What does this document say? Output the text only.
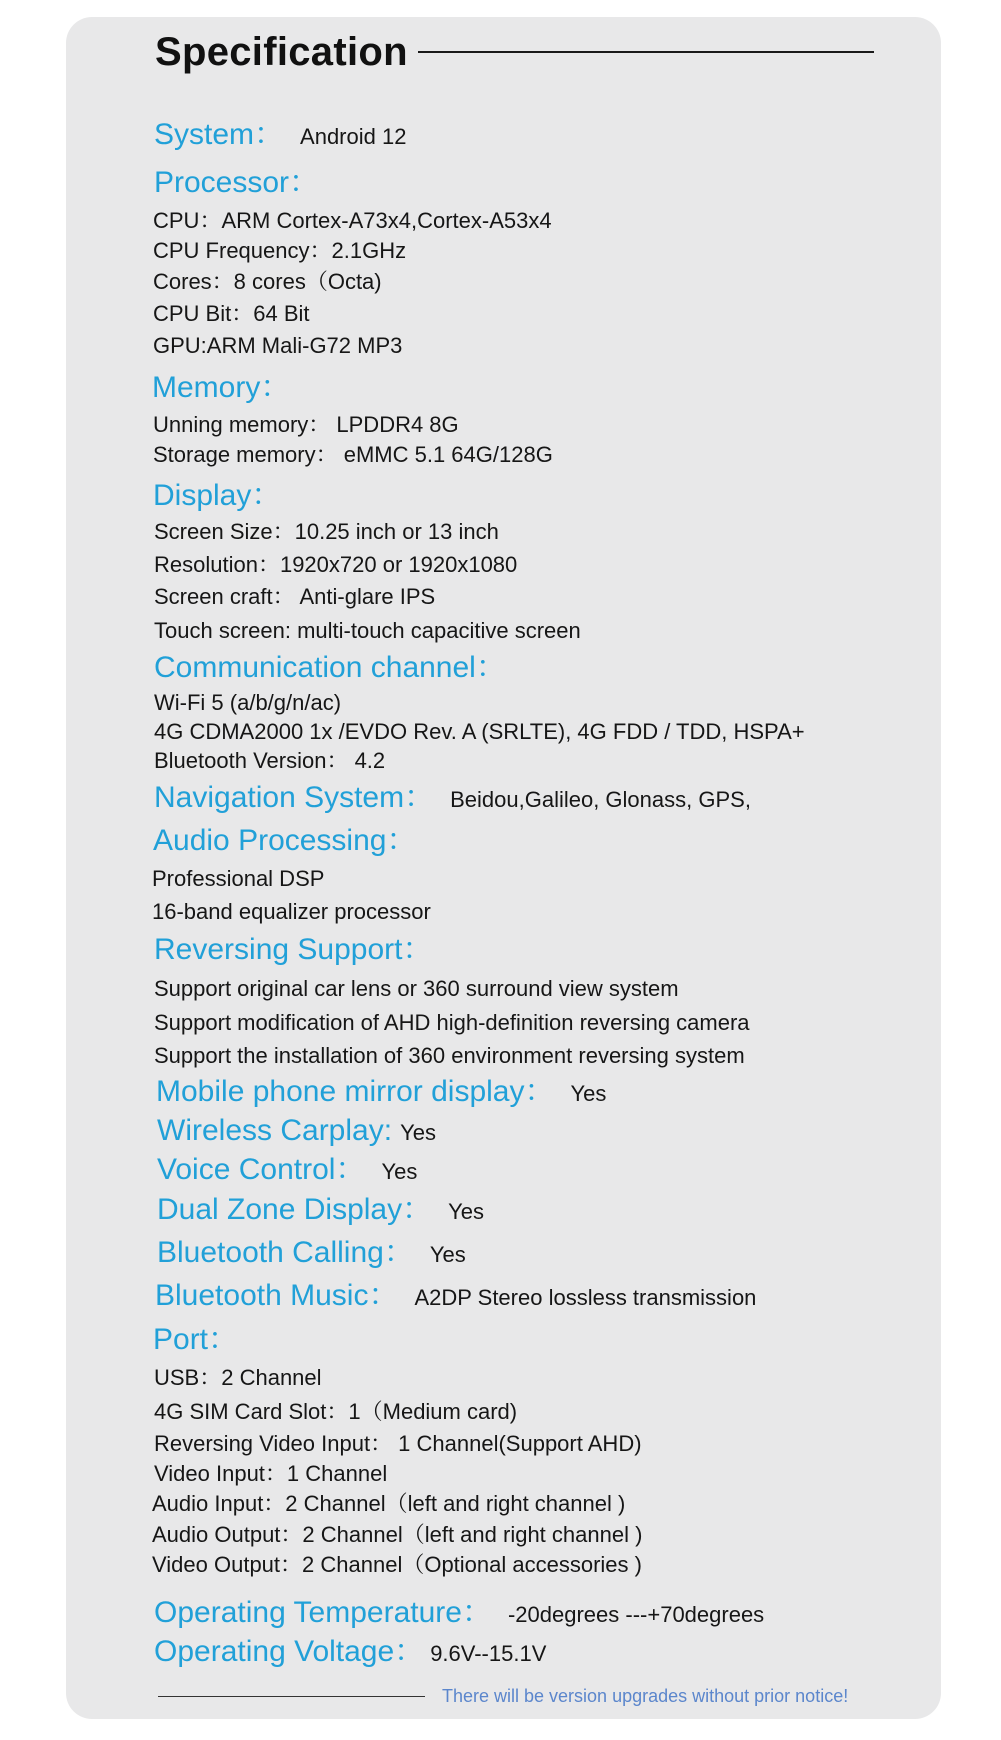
Specification
System： Android 12
Processor：
CPU：ARM Cortex-A73x4,Cortex-A53x4
CPU Frequency：2.1GHz
Cores：8 cores（Octa)
CPU Bit：64 Bit
GPU:ARM Mali-G72 MP3
Memory：
Unning memory： LPDDR4 8G
Storage memory： eMMC 5.1 64G/128G
Display：
Screen Size：10.25 inch or 13 inch
Resolution：1920x720 or 1920x1080
Screen craft： Anti-glare IPS
Touch screen: multi-touch capacitive screen
Communication channel：
Wi-Fi 5 (a/b/g/n/ac)
4G CDMA2000 1x /EVDO Rev. A (SRLTE), 4G FDD / TDD, HSPA+
Bluetooth Version： 4.2
Navigation System： Beidou,Galileo, Glonass, GPS,
Audio Processing：
Professional DSP
16-band equalizer processor
Reversing Support：
Support original car lens or 360 surround view system
Support modification of AHD high-definition reversing camera
Support the installation of 360 environment reversing system
Mobile phone mirror display： Yes
Wireless Carplay: Yes
Voice Control： Yes
Dual Zone Display： Yes
Bluetooth Calling： Yes
Bluetooth Music： A2DP Stereo lossless transmission
Port：
USB：2 Channel
4G SIM Card Slot：1（Medium card)
Reversing Video Input： 1 Channel(Support AHD)
Video Input：1 Channel
Audio Input：2 Channel（left and right channel )
Audio Output：2 Channel（left and right channel )
Video Output：2 Channel（Optional accessories )
Operating Temperature： -20degrees ---+70degrees
Operating Voltage： 9.6V--15.1V
There will be version upgrades without prior notice!
